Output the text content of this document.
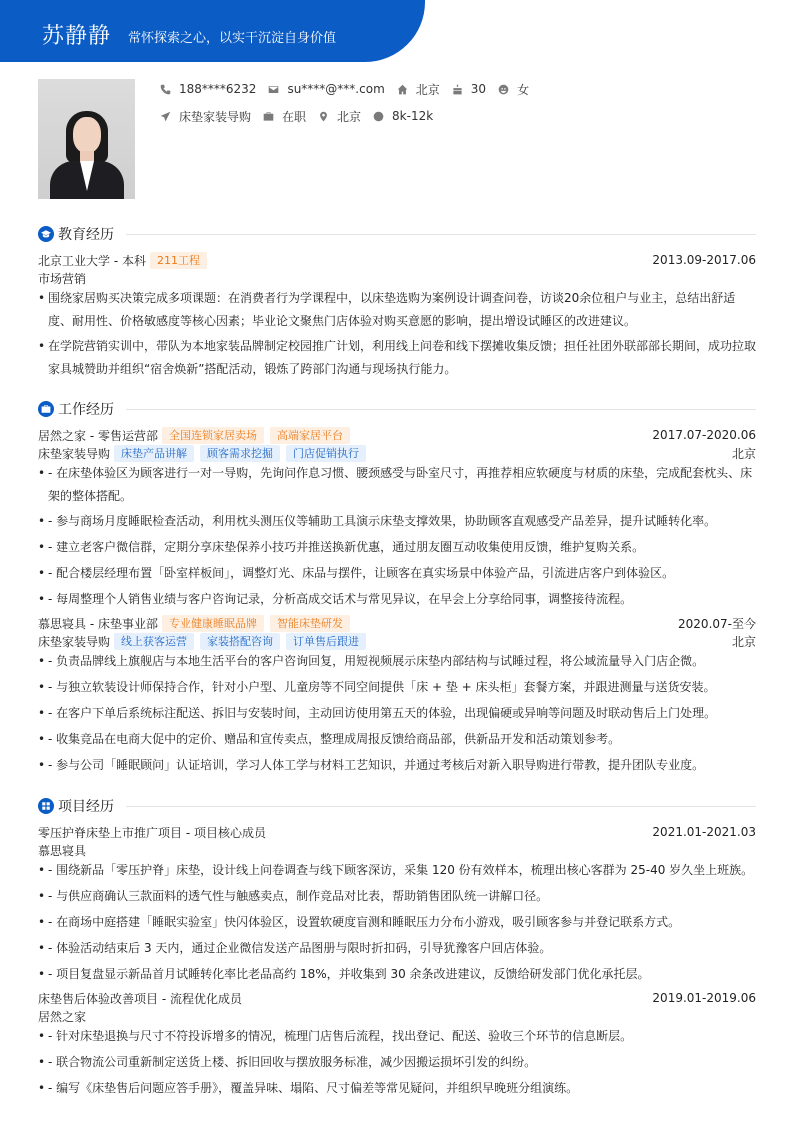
苏静静 常怀探索之心，以实干沉淀自身价值
188****6232	su****@***.com	北京	30	女
床垫家装导购	在职	北京	8k-12k
教育经历
北京工业大学 - 本科	211工程	2013.09-2017.06
市场营销
• 围绕家居购买决策完成多项课题：在消费者行为学课程中，以床垫选购为案例设计调查问卷，访谈20余位租户与业主，总结出舒适度、耐用性、价格敏感度等核心因素；毕业论文聚焦门店体验对购买意愿的影响，提出增设试睡区的改进建议。
• 在学院营销实训中，带队为本地家装品牌制定校园推广计划，利用线上问卷和线下摆摊收集反馈；担任社团外联部部长期间，成功拉取家具城赞助并组织“宿舍焕新”搭配活动，锻炼了跨部门沟通与现场执行能力。
工作经历
居然之家 - 零售运营部	全国连锁家居卖场	高端家居平台	2017.07-2020.06
床垫家装导购	床垫产品讲解	顾客需求挖掘	门店促销执行	北京
• - 在床垫体验区为顾客进行一对一导购，先询问作息习惯、腰颈感受与卧室尺寸，再推荐相应软硬度与材质的床垫，完成配套枕头、床架的整体搭配。
• - 参与商场月度睡眠检查活动，利用枕头测压仪等辅助工具演示床垫支撑效果，协助顾客直观感受产品差异，提升试睡转化率。
• - 建立老客户微信群，定期分享床垫保养小技巧并推送换新优惠，通过朋友圈互动收集使用反馈，维护复购关系。
• - 配合楼层经理布置「卧室样板间」，调整灯光、床品与摆件，让顾客在真实场景中体验产品，引流进店客户到体验区。
• - 每周整理个人销售业绩与客户咨询记录，分析高成交话术与常见异议，在早会上分享给同事，调整接待流程。
慕思寝具 - 床垫事业部	专业健康睡眠品牌	智能床垫研发	2020.07-至今
床垫家装导购	线上获客运营	家装搭配咨询	订单售后跟进	北京
• - 负责品牌线上旗舰店与本地生活平台的客户咨询回复，用短视频展示床垫内部结构与试睡过程，将公域流量导入门店企微。
• - 与独立软装设计师保持合作，针对小户型、儿童房等不同空间提供「床 + 垫 + 床头柜」套餐方案，并跟进测量与送货安装。
• - 在客户下单后系统标注配送、拆旧与安装时间，主动回访使用第五天的体验，出现偏硬或异响等问题及时联动售后上门处理。
• - 收集竞品在电商大促中的定价、赠品和宣传卖点，整理成周报反馈给商品部，供新品开发和活动策划参考。
• - 参与公司「睡眠顾问」认证培训，学习人体工学与材料工艺知识，并通过考核后对新入职导购进行带教，提升团队专业度。
项目经历
零压护脊床垫上市推广项目 - 项目核心成员	2021.01-2021.03
慕思寝具
• - 围绕新品「零压护脊」床垫，设计线上问卷调查与线下顾客深访，采集 120 份有效样本，梳理出核心客群为 25-40 岁久坐上班族。
• - 与供应商确认三款面料的透气性与触感卖点，制作竞品对比表，帮助销售团队统一讲解口径。
• - 在商场中庭搭建「睡眠实验室」快闪体验区，设置软硬度盲测和睡眠压力分布小游戏，吸引顾客参与并登记联系方式。
• - 体验活动结束后 3 天内，通过企业微信发送产品图册与限时折扣码，引导犹豫客户回店体验。
• - 项目复盘显示新品首月试睡转化率比老品高约 18%，并收集到 30 余条改进建议，反馈给研发部门优化承托层。
床垫售后体验改善项目 - 流程优化成员	2019.01-2019.06
居然之家
• - 针对床垫退换与尺寸不符投诉增多的情况，梳理门店售后流程，找出登记、配送、验收三个环节的信息断层。
• - 联合物流公司重新制定送货上楼、拆旧回收与摆放服务标准，减少因搬运损坏引发的纠纷。
• - 编写《床垫售后问题应答手册》，覆盖异味、塌陷、尺寸偏差等常见疑问，并组织早晚班分组演练。
